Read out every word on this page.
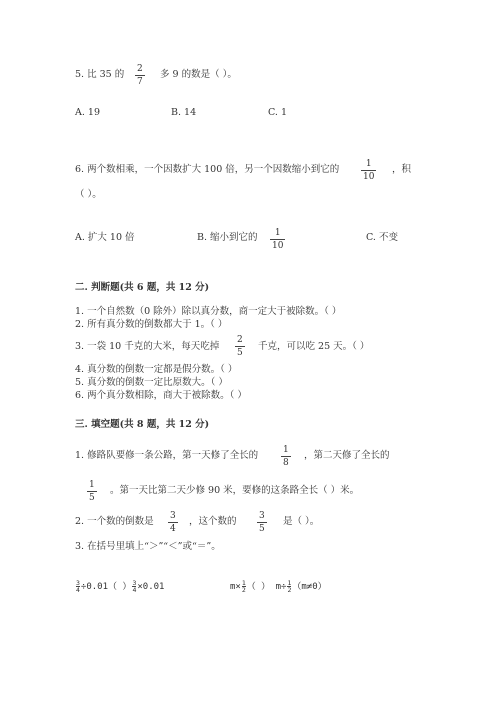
5. 比 35 的 2
7
多 9 的数是（ ）。
A. 19	B. 14	C. 1
6. 两个数相乘，一个因数扩大 100 倍，另一个因数缩小到它的	1
10
，积
（ ）。
A. 扩大 10 倍	B. 缩小到它的 1
10
C. 不变
二. 判断题(共 6 题，共 12 分)
1. 一个自然数（0 除外）除以真分数，商一定大于被除数。（ ）
2. 所有真分数的倒数都大于 1。（ ）
3. 一袋 10 千克的大米，每天吃掉
2
5
千克，可以吃 25 天。（ ）
4. 真分数的倒数一定都是假分数。（ ）
5. 真分数的倒数一定比原数大。（ ）
6. 两个真分数相除，商大于被除数。（ ）
三. 填空题(共 8 题，共 12 分)
1. 修路队要修一条公路，第一天修了全长的	1
8
，第二天修了全长的
1
5
。第一天比第二天少修 90 米，要修的这条路全长（ ）米。
2. 一个数的倒数是 3
4
，这个数的 3
5
是（ ）。
3. 在括号里填上“＞”“＜”或“＝”。
$\frac{3}{4} \div 0.01$（ ） $\frac{3}{4} \times 0.01$	$m\times \frac{1}{2}$ （ ） $m\div \frac{1}{2} (m\ne 0)$
